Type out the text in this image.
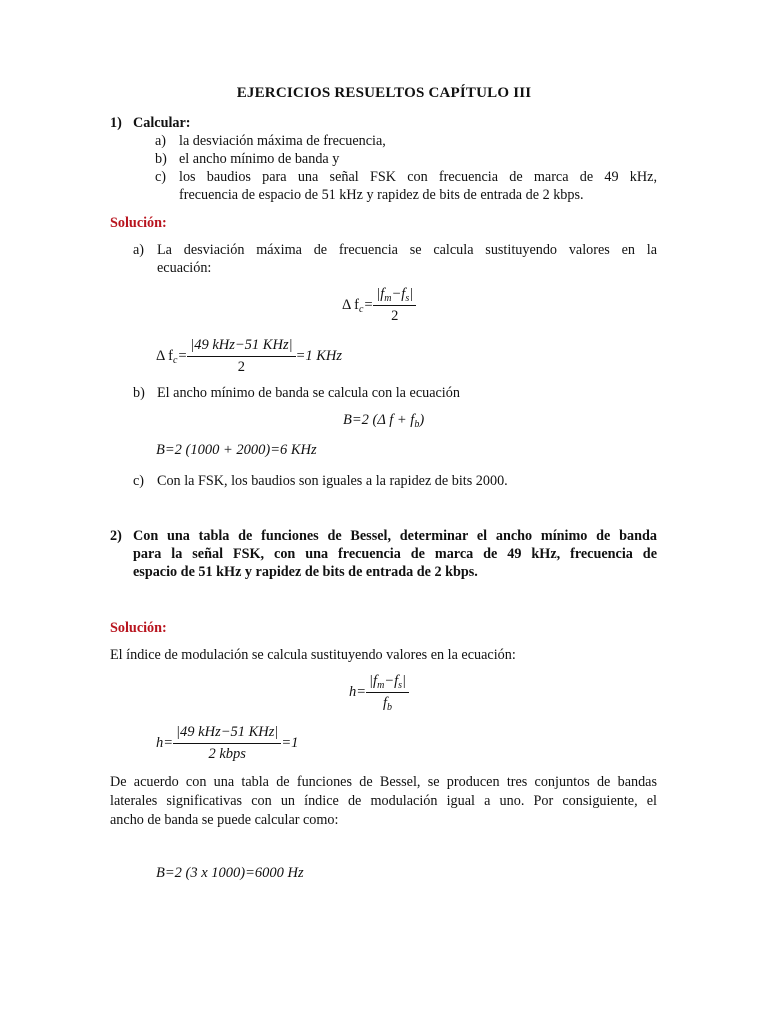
EJERCICIOS RESUELTOS CAPÍTULO III
1) Calcular:
a) la desviación máxima de frecuencia,
b) el ancho mínimo de banda y
c) los baudios para una señal FSK con frecuencia de marca de 49 kHz,
frecuencia de espacio de 51 kHz y rapidez de bits de entrada de 2 kbps.
Solución:
a) La desviación máxima de frecuencia se calcula sustituyendo valores en la
ecuación:
Δ $f_c= \frac{|f_m-f_s|}{2}$
Δ $f_c= \frac{\text{|49 kHz−51 KHz|}}{2} =1$ KHz
b) El ancho mínimo de banda se calcula con la ecuación
B=2 (Δ $f + f_b$)
B=2 (1000 + 2000)=6 KHz
c) Con la FSK, los baudios son iguales a la rapidez de bits 2000.
2) Con una tabla de funciones de Bessel, determinar el ancho mínimo de banda
para la señal FSK, con una frecuencia de marca de 49 kHz, frecuencia de
espacio de 51 kHz y rapidez de bits de entrada de 2 kbps.
Solución:
El índice de modulación se calcula sustituyendo valores en la ecuación:
$h= \frac{|f_m-f_s|}{f_b}$
$h= \frac{\text{|49 kHz−51 KHz|}}{\text{2 kbps}} =1$
De acuerdo con una tabla de funciones de Bessel, se producen tres conjuntos de bandas
laterales significativas con un índice de modulación igual a uno. Por consiguiente, el
ancho de banda se puede calcular como:
B=2 (3 x 1000)=6000 Hz
